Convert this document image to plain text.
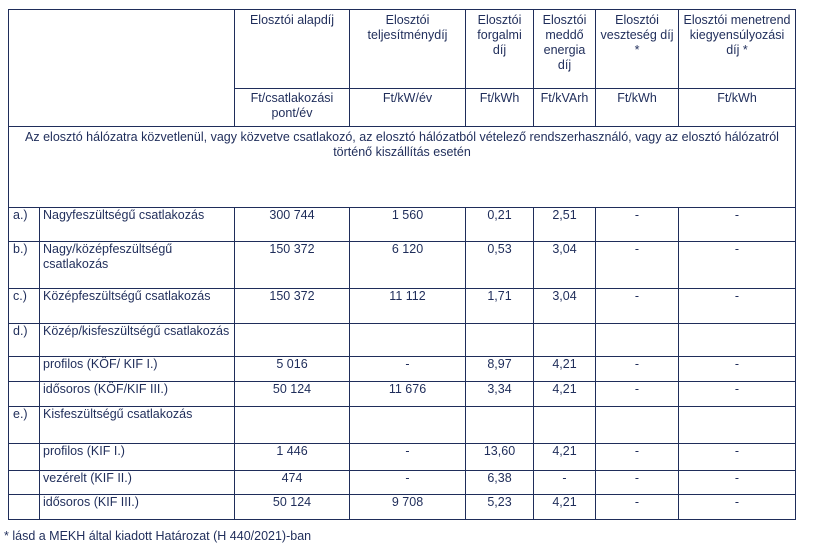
		Elosztói alapdíj	Elosztói teljesítménydíj	Elosztói forgalmi díj	Elosztói meddő energia díj	Elosztói veszteség díj *	Elosztói menetrend kiegyensúlyozási díj *
		Ft/csatlakozási pont/év	Ft/kW/év	Ft/kWh	Ft/kVArh	Ft/kWh	Ft/kWh
Az elosztó hálózatra közvetlenül, vagy közvetve csatlakozó, az elosztó hálózatból vételező rendszerhasználó, vagy az elosztó hálózatról történő kiszállítás esetén							
a.)	Nagyfeszültségű csatlakozás	300 744	1 560	0,21	2,51	-	-
b.)	Nagy/középfeszültségű csatlakozás	150 372	6 120	0,53	3,04	-	-
c.)	Középfeszültségű csatlakozás	150 372	11 112	1,71	3,04	-	-
d.)	Közép/kisfeszültségű csatlakozás						
	profilos (KÖF/ KIF I.)	5 016	-	8,97	4,21	-	-
	idősoros (KÖF/KIF III.)	50 124	11 676	3,34	4,21	-	-
e.)	Kisfeszültségű csatlakozás						
	profilos (KIF I.)	1 446	-	13,60	4,21	-	-
	vezérelt (KIF II.)	474	-	6,38	-	-	-
	idősoros (KIF III.)	50 124	9 708	5,23	4,21	-	-
* lásd a MEKH által kiadott Határozat (H 440/2021)-ban
